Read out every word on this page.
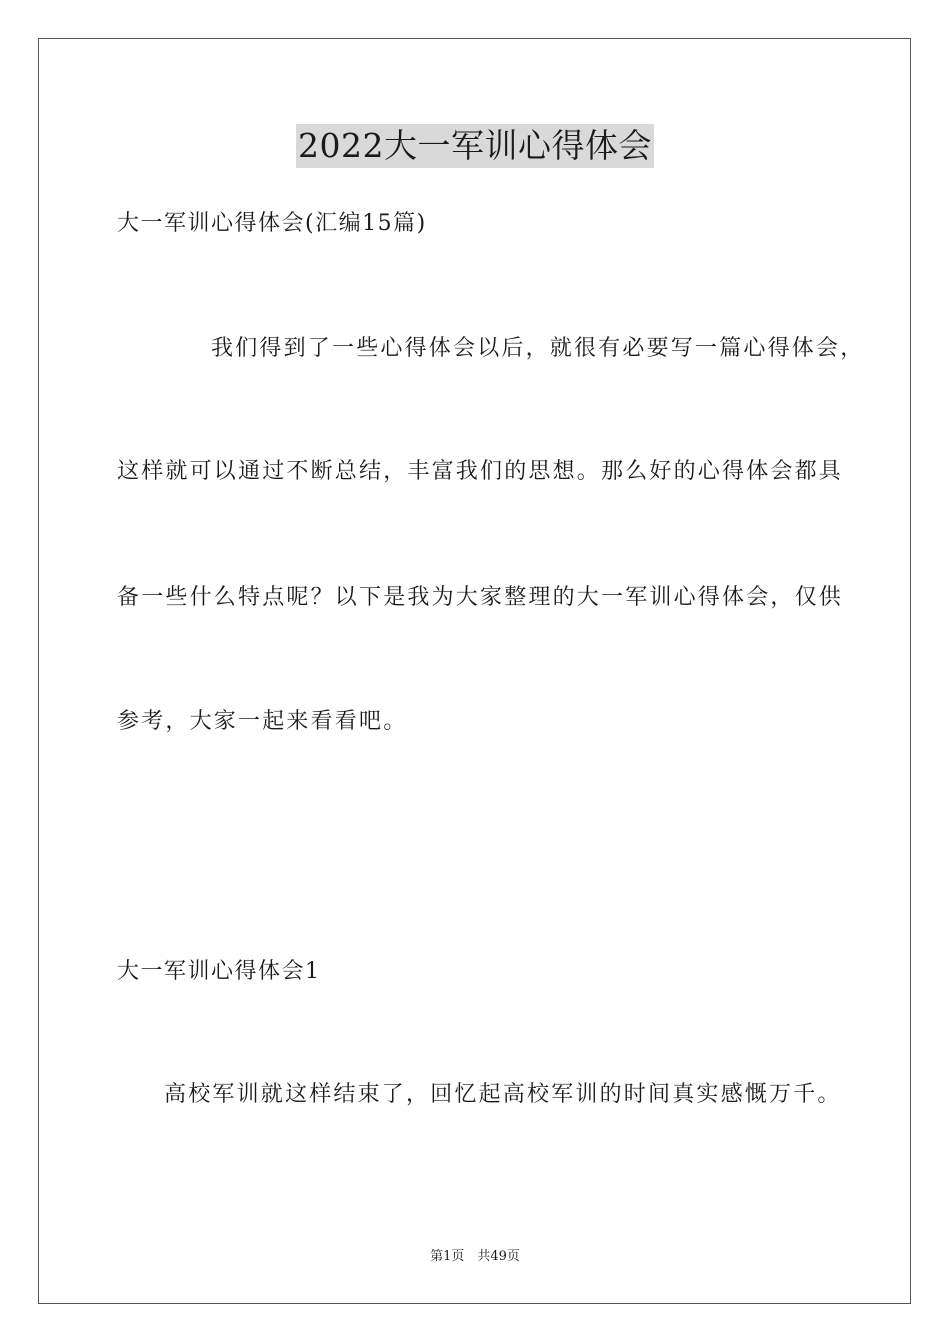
2022大一军训心得体会
大一军训心得体会(汇编15篇)
我们得到了一些心得体会以后，就很有必要写一篇心得体会，
这样就可以通过不断总结，丰富我们的思想。那么好的心得体会都具
备一些什么特点呢？以下是我为大家整理的大一军训心得体会，仅供
参考，大家一起来看看吧。
大一军训心得体会1
高校军训就这样结束了，回忆起高校军训的时间真实感慨万千。
第1页　共49页
